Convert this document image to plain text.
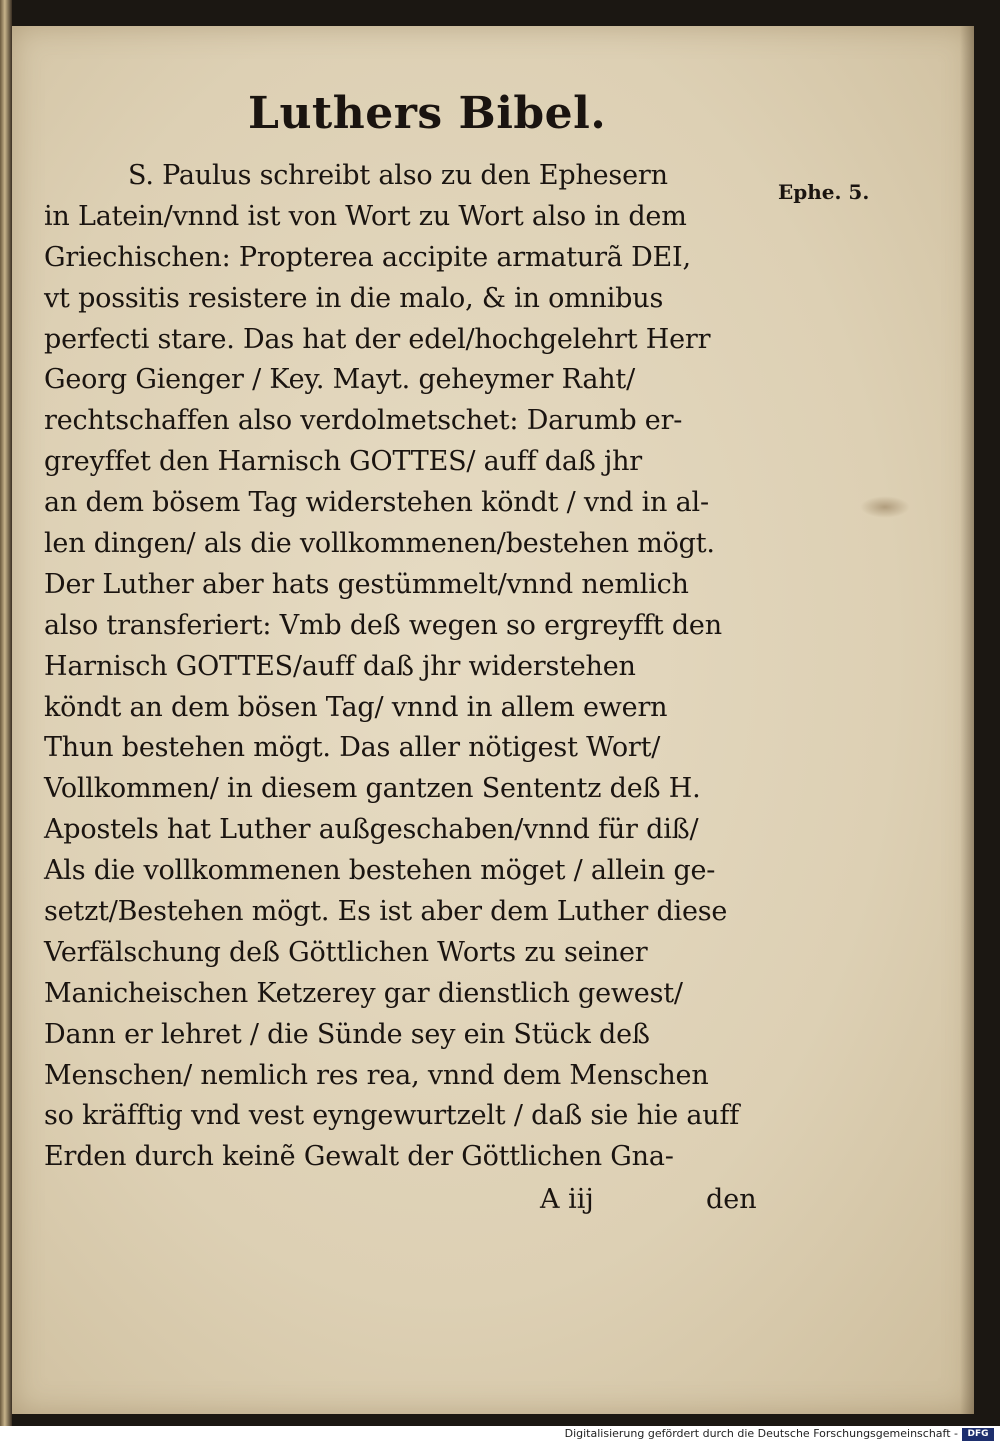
Luthers Bibel.
Ephe. 5.
S. Paulus schreibt also zu den Ephesern
in Latein/vnnd ist von Wort zu Wort also in dem
Griechischen: Propterea accipite armaturã DEI,
vt possitis resistere in die malo, & in omnibus
perfecti stare. Das hat der edel/hochgelehrt Herr
Georg Gienger / Key. Mayt. geheymer Raht/
rechtschaffen also verdolmetschet: Darumb er-
greyffet den Harnisch GOTTES/ auff daß jhr
an dem bösem Tag widerstehen köndt / vnd in al-
len dingen/ als die vollkommenen/bestehen mögt.
Der Luther aber hats gestümmelt/vnnd nemlich
also transferiert: Vmb deß wegen so ergreyfft den
Harnisch GOTTES/auff daß jhr widerstehen
köndt an dem bösen Tag/ vnnd in allem ewern
Thun bestehen mögt. Das aller nötigest Wort/
Vollkommen/ in diesem gantzen Sententz deß H.
Apostels hat Luther außgeschaben/vnnd für diß/
Als die vollkommenen bestehen möget / allein ge-
setzt/Bestehen mögt. Es ist aber dem Luther diese
Verfälschung deß Göttlichen Worts zu seiner
Manicheischen Ketzerey gar dienstlich gewest/
Dann er lehret / die Sünde sey ein Stück deß
Menschen/ nemlich res rea, vnnd dem Menschen
so kräfftig vnd vest eyngewurtzelt / daß sie hie auff
Erden durch keinẽ Gewalt der Göttlichen Gna-
A iij	den
Digitalisierung gefördert durch die Deutsche Forschungsgemeinschaft -	DFG
